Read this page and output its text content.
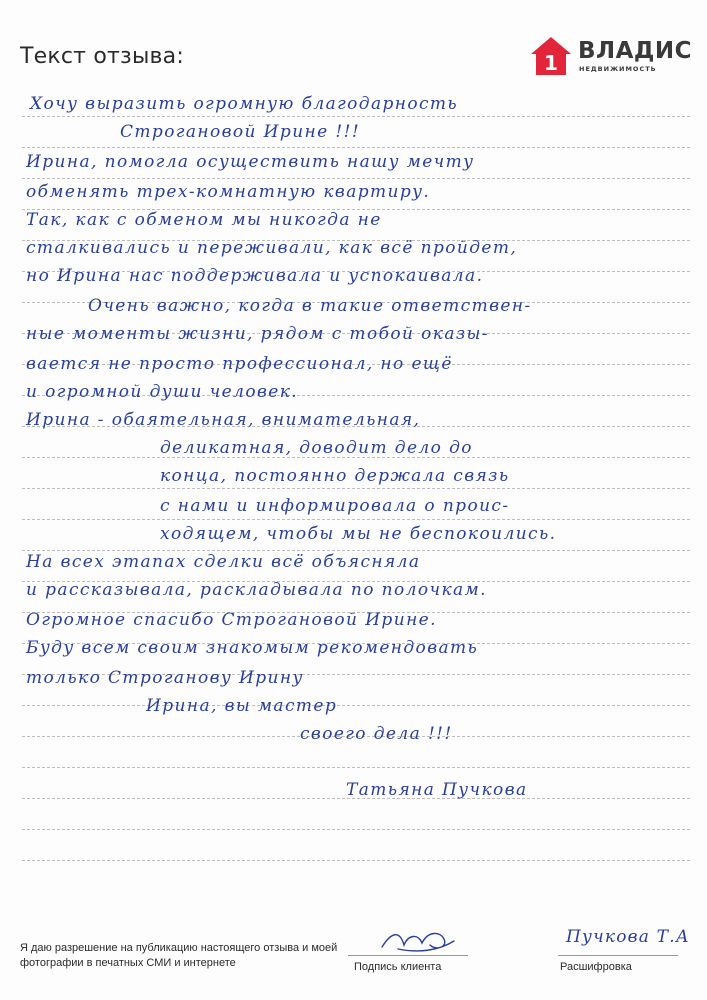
Текст отзыва:	1 ВЛАДИС
НЕДВИЖИМОСТЬ
Хочу выразить огромную благодарность
Строгановой Ирине !!!
Ирина, помогла осуществить нашу мечту
обменять трех-комнатную квартиру.
Так, как с обменом мы никогда не
сталкивались и переживали, как всё пройдет,
но Ирина нас поддерживала и успокаивала.
Очень важно, когда в такие ответствен-
ные моменты жизни, рядом с тобой оказы-
вается не просто профессионал, но ещё
и огромной души человек.
Ирина - обаятельная, внимательная,
деликатная, доводит дело до
конца, постоянно держала связь
с нами и информировала о проис-
ходящем, чтобы мы не беспокоились.
На всех этапах сделки всё объясняла
и рассказывала, раскладывала по полочкам.
Огромное спасибо Строгановой Ирине.
Буду всем своим знакомым рекомендовать
только Строганову Ирину
Ирина, вы мастер
своего дела !!!
Татьяна Пучкова
Я даю разрешение на публикацию настоящего отзыва и моей фотографии в печатных СМИ и интернете	Подпись клиента
Пучкова Т.А
Расшифровка
